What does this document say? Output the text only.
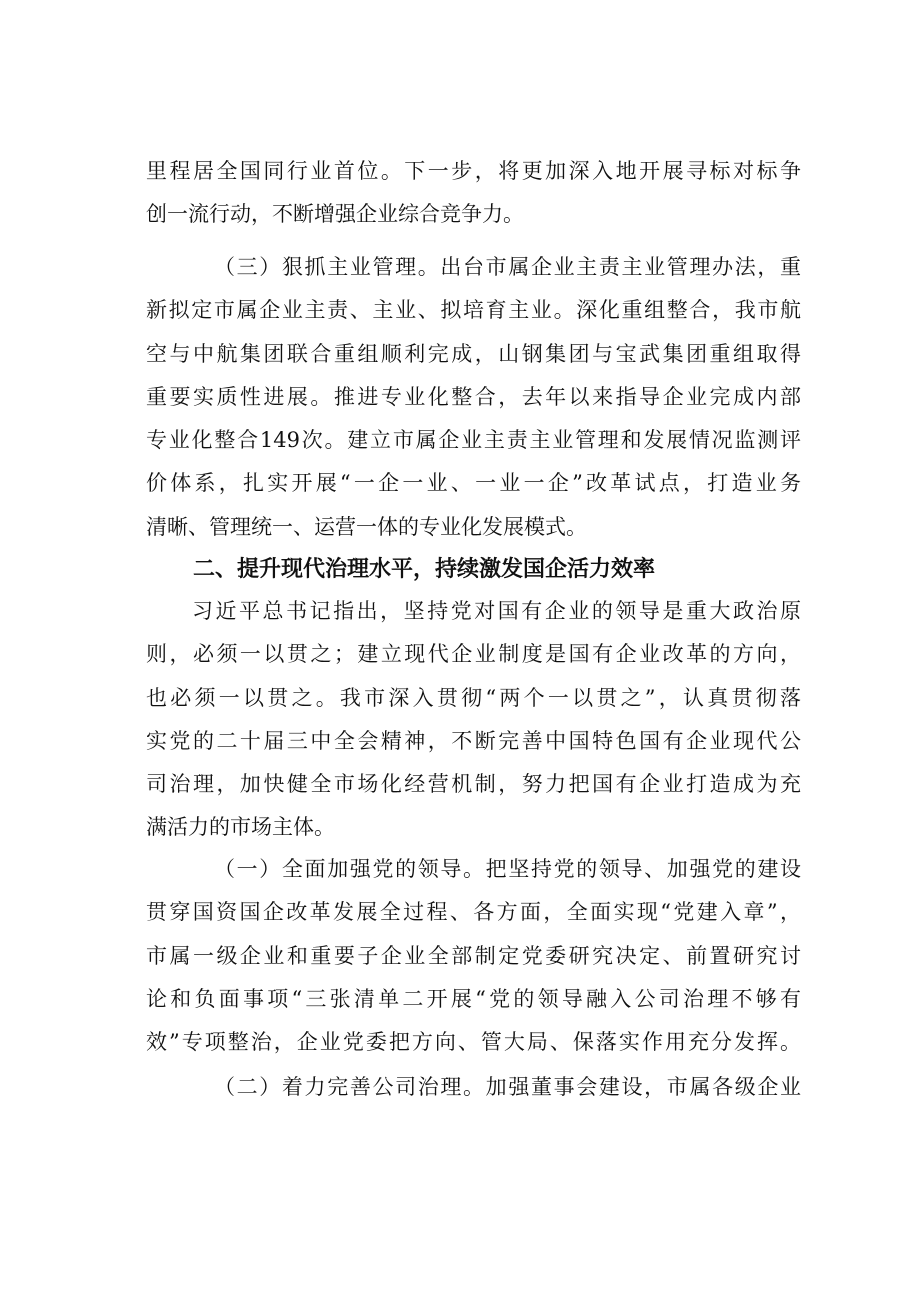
里程居全国同行业首位。下一步，将更加深入地开展寻标对标争
创一流行动，不断增强企业综合竞争力。
（三）狠抓主业管理。出台市属企业主责主业管理办法，重
新拟定市属企业主责、主业、拟培育主业。深化重组整合，我市航
空与中航集团联合重组顺利完成，山钢集团与宝武集团重组取得
重要实质性进展。推进专业化整合，去年以来指导企业完成内部
专业化整合149次。建立市属企业主责主业管理和发展情况监测评
价体系，扎实开展“一企一业、一业一企”改革试点，打造业务
清晰、管理统一、运营一体的专业化发展模式。
二、提升现代治理水平，持续激发国企活力效率
习近平总书记指出，坚持党对国有企业的领导是重大政治原
则，必须一以贯之；建立现代企业制度是国有企业改革的方向，
也必须一以贯之。我市深入贯彻“两个一以贯之”，认真贯彻落
实党的二十届三中全会精神，不断完善中国特色国有企业现代公
司治理，加快健全市场化经营机制，努力把国有企业打造成为充
满活力的市场主体。
（一）全面加强党的领导。把坚持党的领导、加强党的建设
贯穿国资国企改革发展全过程、各方面，全面实现“党建入章”，
市属一级企业和重要子企业全部制定党委研究决定、前置研究讨
论和负面事项“三张清单二开展“党的领导融入公司治理不够有
效”专项整治，企业党委把方向、管大局、保落实作用充分发挥。
（二）着力完善公司治理。加强董事会建设，市属各级企业
